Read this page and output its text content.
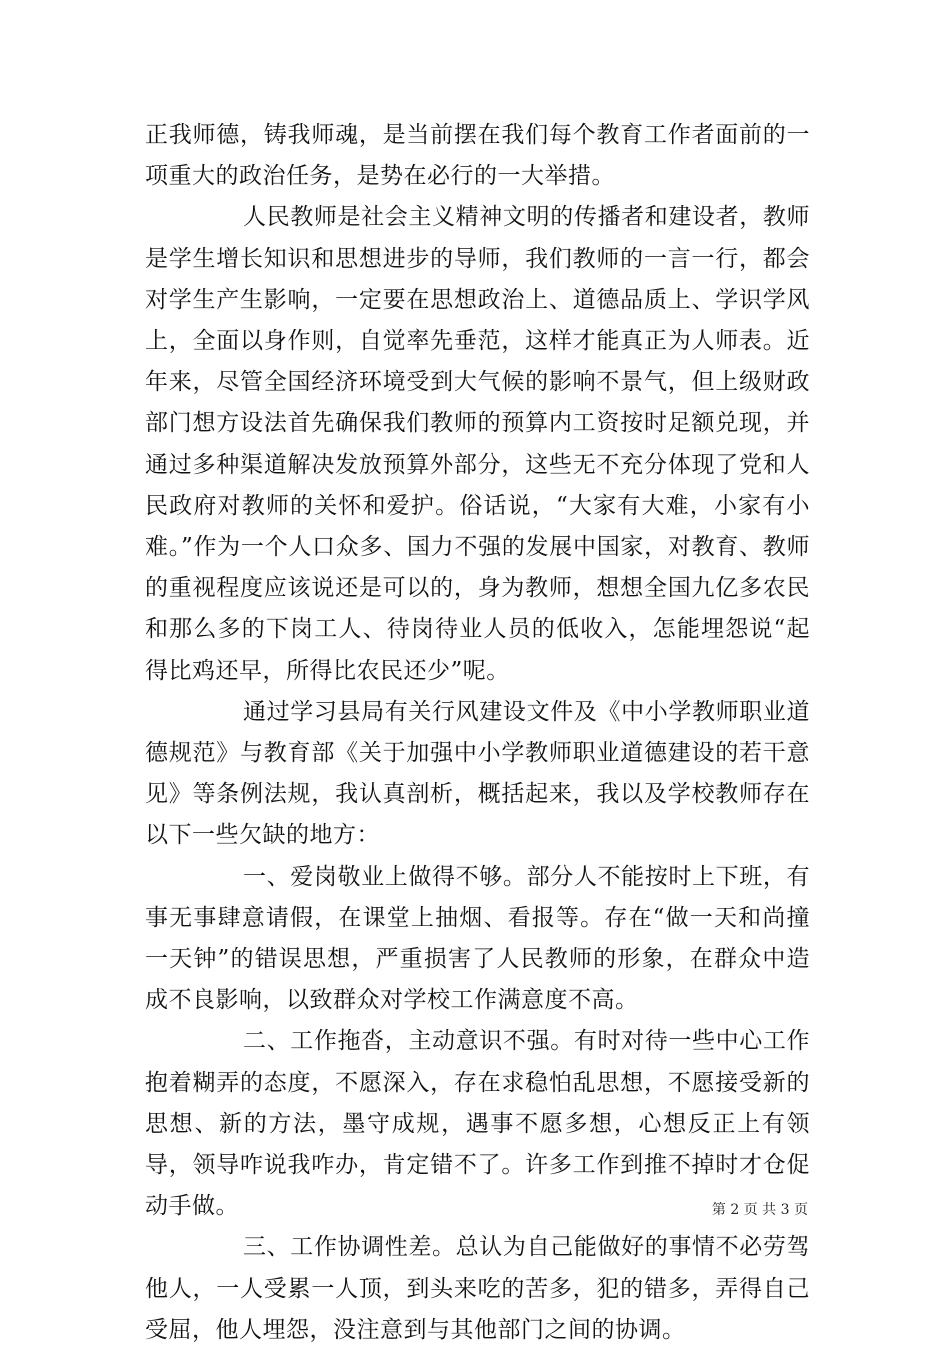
正我师德，铸我师魂，是当前摆在我们每个教育工作者面前的一项重大的政治任务，是势在必行的一大举措。

人民教师是社会主义精神文明的传播者和建设者，教师是学生增长知识和思想进步的导师，我们教师的一言一行，都会对学生产生影响，一定要在思想政治上、道德品质上、学识学风上，全面以身作则，自觉率先垂范，这样才能真正为人师表。近年来，尽管全国经济环境受到大气候的影响不景气，但上级财政部门想方设法首先确保我们教师的预算内工资按时足额兑现，并通过多种渠道解决发放预算外部分，这些无不充分体现了党和人民政府对教师的关怀和爱护。俗话说，“大家有大难，小家有小难。”作为一个人口众多、国力不强的发展中国家，对教育、教师的重视程度应该说还是可以的，身为教师，想想全国九亿多农民和那么多的下岗工人、待岗待业人员的低收入，怎能埋怨说“起得比鸡还早，所得比农民还少”呢。

通过学习县局有关行风建设文件及《中小学教师职业道德规范》与教育部《关于加强中小学教师职业道德建设的若干意见》等条例法规，我认真剖析，概括起来，我以及学校教师存在以下一些欠缺的地方：

一、爱岗敬业上做得不够。部分人不能按时上下班，有事无事肆意请假，在课堂上抽烟、看报等。存在“做一天和尚撞一天钟”的错误思想，严重损害了人民教师的形象，在群众中造成不良影响，以致群众对学校工作满意度不高。

二、工作拖沓，主动意识不强。有时对待一些中心工作抱着糊弄的态度，不愿深入，存在求稳怕乱思想，不愿接受新的思想、新的方法，墨守成规，遇事不愿多想，心想反正上有领导，领导咋说我咋办，肯定错不了。许多工作到推不掉时才仓促动手做。

三、工作协调性差。总认为自己能做好的事情不必劳驾他人，一人受累一人顶，到头来吃的苦多，犯的错多，弄得自己受屈，他人埋怨，没注意到与其他部门之间的协调。

第 2 页 共 3 页
